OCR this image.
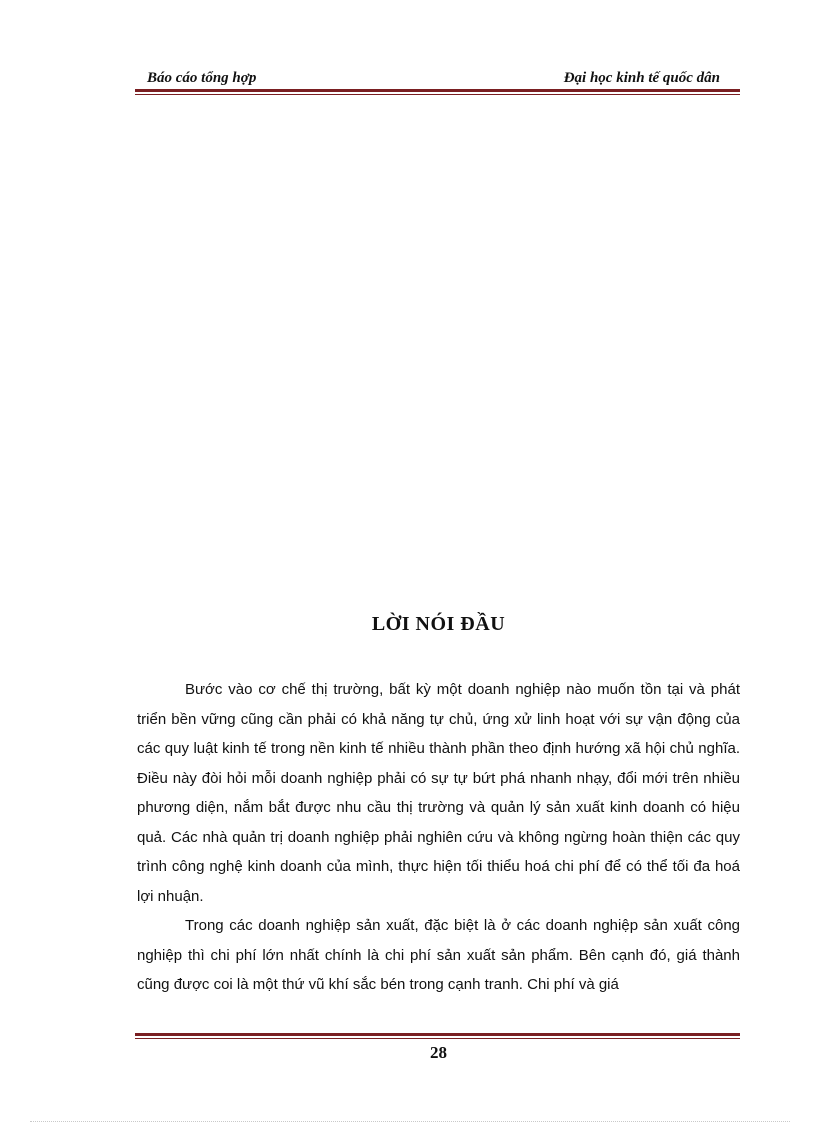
Báo cáo tổng hợp	Đại học kinh tế quốc dân
LỜI NÓI ĐẦU

Bước vào cơ chế thị trường, bất kỳ một doanh nghiệp nào muốn tồn tại và phát triển bền vững cũng cần phải có khả năng tự chủ, ứng xử linh hoạt với sự vận động của các quy luật kinh tế trong nền kinh tế nhiều thành phần theo định hướng xã hội chủ nghĩa. Điều này đòi hỏi mỗi doanh nghiệp phải có sự tự bứt phá nhanh nhạy, đổi mới trên nhiều phương diện, nắm bắt được nhu cầu thị trường và quản lý sản xuất kinh doanh có hiệu quả. Các nhà quản trị doanh nghiệp phải nghiên cứu và không ngừng hoàn thiện các quy trình công nghệ kinh doanh của mình, thực hiện tối thiểu hoá chi phí để có thể tối đa hoá lợi nhuận.

Trong các doanh nghiệp sản xuất, đặc biệt là ở các doanh nghiệp sản xuất công nghiệp thì chi phí lớn nhất chính là chi phí sản xuất sản phẩm. Bên cạnh đó, giá thành cũng được coi là một thứ vũ khí sắc bén trong cạnh tranh. Chi phí và giá

28
